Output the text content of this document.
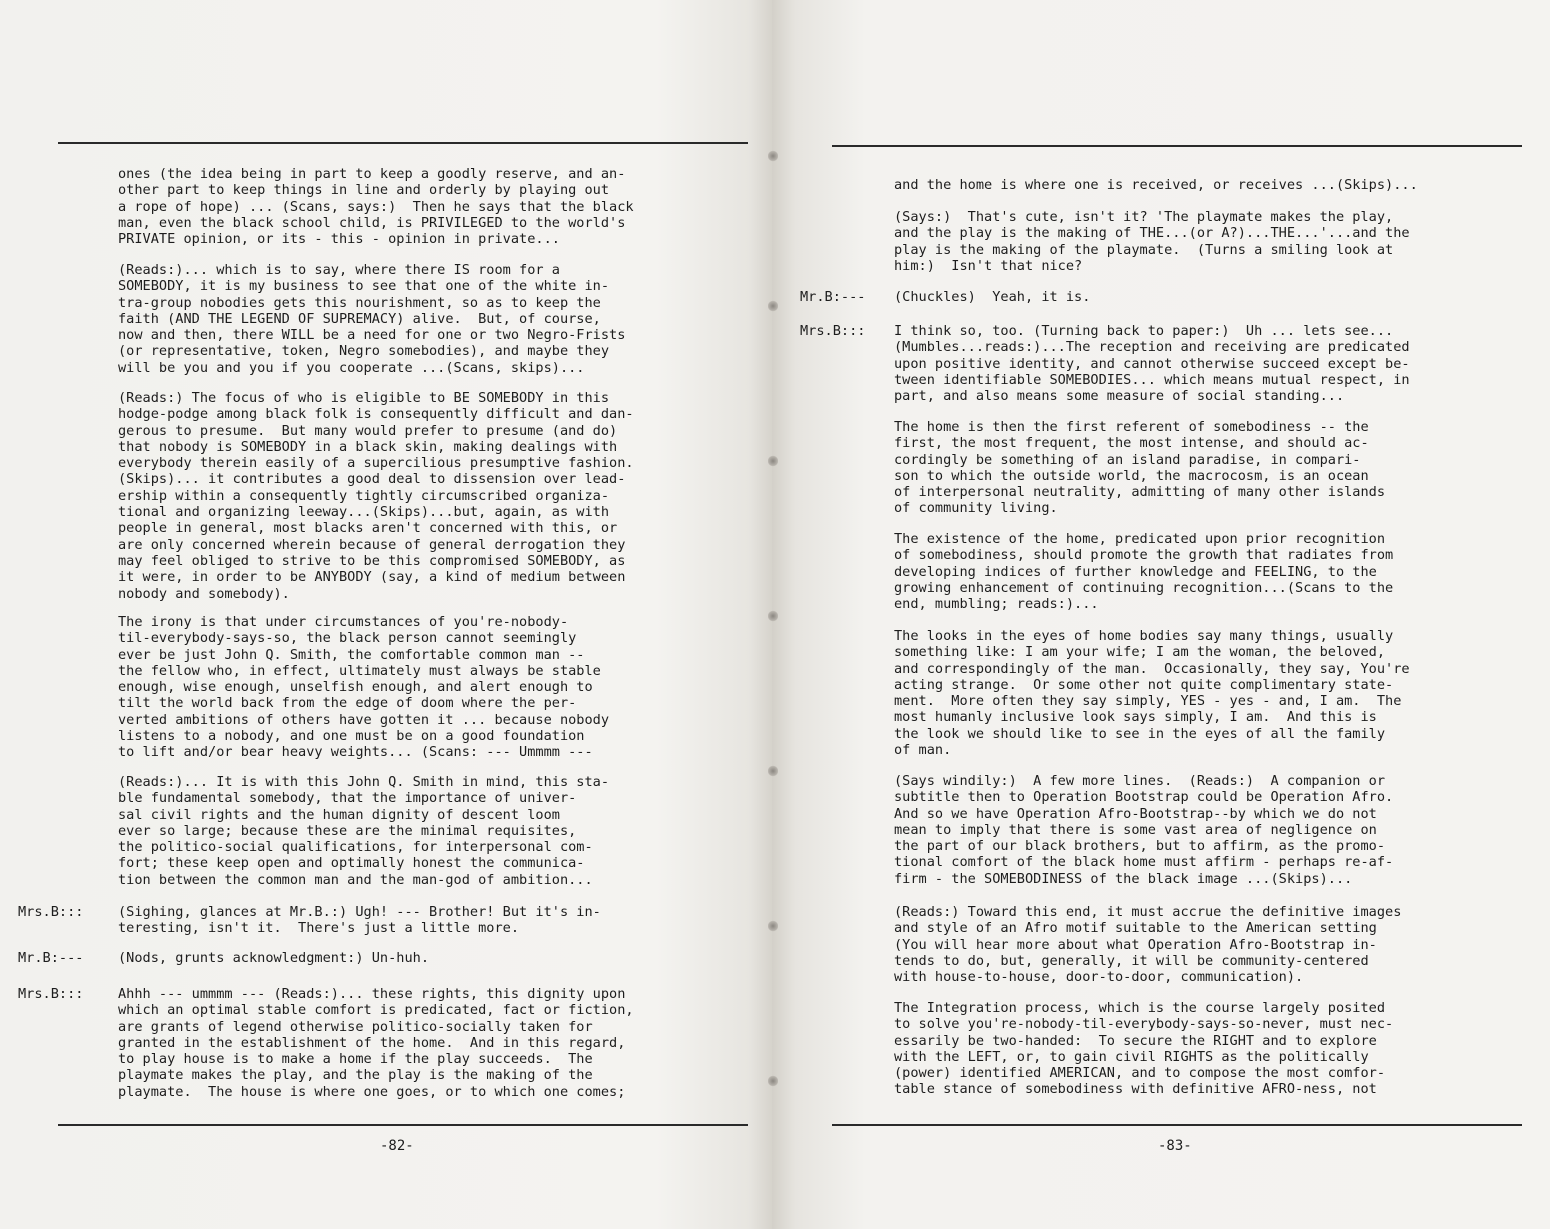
ones (the idea being in part to keep a goodly reserve, and an-
other part to keep things in line and orderly by playing out
a rope of hope) ... (Scans, says:)  Then he says that the black
man, even the black school child, is PRIVILEGED to the world's
PRIVATE opinion, or its - this - opinion in private...
(Reads:)... which is to say, where there IS room for a
SOMEBODY, it is my business to see that one of the white in-
tra-group nobodies gets this nourishment, so as to keep the
faith (AND THE LEGEND OF SUPREMACY) alive.  But, of course,
now and then, there WILL be a need for one or two Negro-Frists
(or representative, token, Negro somebodies), and maybe they
will be you and you if you cooperate ...(Scans, skips)...
(Reads:) The focus of who is eligible to BE SOMEBODY in this
hodge-podge among black folk is consequently difficult and dan-
gerous to presume.  But many would prefer to presume (and do)
that nobody is SOMEBODY in a black skin, making dealings with
everybody therein easily of a supercilious presumptive fashion.
(Skips)... it contributes a good deal to dissension over lead-
ership within a consequently tightly circumscribed organiza-
tional and organizing leeway...(Skips)...but, again, as with
people in general, most blacks aren't concerned with this, or
are only concerned wherein because of general derrogation they
may feel obliged to strive to be this compromised SOMEBODY, as
it were, in order to be ANYBODY (say, a kind of medium between
nobody and somebody).
The irony is that under circumstances of you're-nobody-
til-everybody-says-so, the black person cannot seemingly
ever be just John Q. Smith, the comfortable common man --
the fellow who, in effect, ultimately must always be stable
enough, wise enough, unselfish enough, and alert enough to
tilt the world back from the edge of doom where the per-
verted ambitions of others have gotten it ... because nobody
listens to a nobody, and one must be on a good foundation
to lift and/or bear heavy weights... (Scans: --- Ummmm ---
(Reads:)... It is with this John Q. Smith in mind, this sta-
ble fundamental somebody, that the importance of univer-
sal civil rights and the human dignity of descent loom
ever so large; because these are the minimal requisites,
the politico-social qualifications, for interpersonal com-
fort; these keep open and optimally honest the communica-
tion between the common man and the man-god of ambition...
Mrs.B:::	(Sighing, glances at Mr.B.:) Ugh! --- Brother! But it's in-
teresting, isn't it.  There's just a little more.
Mr.B:---	(Nods, grunts acknowledgment:) Un-huh.
Mrs.B:::	Ahhh --- ummmm --- (Reads:)... these rights, this dignity upon
which an optimal stable comfort is predicated, fact or fiction,
are grants of legend otherwise politico-socially taken for
granted in the establishment of the home.  And in this regard,
to play house is to make a home if the play succeeds.  The
playmate makes the play, and the play is the making of the
playmate.  The house is where one goes, or to which one comes;
-82-
and the home is where one is received, or receives ...(Skips)...
(Says:)  That's cute, isn't it? 'The playmate makes the play,
and the play is the making of THE...(or A?)...THE...'...and the
play is the making of the playmate.  (Turns a smiling look at
him:)  Isn't that nice?
Mr.B:--- (Chuckles)  Yeah, it is.
Mrs.B::: I think so, too. (Turning back to paper:)  Uh ... lets see...
(Mumbles...reads:)...The reception and receiving are predicated
upon positive identity, and cannot otherwise succeed except be-
tween identifiable SOMEBODIES... which means mutual respect, in
part, and also means some measure of social standing...
The home is then the first referent of somebodiness -- the
first, the most frequent, the most intense, and should ac-
cordingly be something of an island paradise, in compari-
son to which the outside world, the macrocosm, is an ocean
of interpersonal neutrality, admitting of many other islands
of community living.
The existence of the home, predicated upon prior recognition
of somebodiness, should promote the growth that radiates from
developing indices of further knowledge and FEELING, to the
growing enhancement of continuing recognition...(Scans to the
end, mumbling; reads:)...
The looks in the eyes of home bodies say many things, usually
something like: I am your wife; I am the woman, the beloved,
and correspondingly of the man.  Occasionally, they say, You're
acting strange.  Or some other not quite complimentary state-
ment.  More often they say simply, YES - yes - and, I am.  The
most humanly inclusive look says simply, I am.  And this is
the look we should like to see in the eyes of all the family
of man.
(Says windily:)  A few more lines.  (Reads:)  A companion or
subtitle then to Operation Bootstrap could be Operation Afro.
And so we have Operation Afro-Bootstrap--by which we do not
mean to imply that there is some vast area of negligence on
the part of our black brothers, but to affirm, as the promo-
tional comfort of the black home must affirm - perhaps re-af-
firm - the SOMEBODINESS of the black image ...(Skips)...
(Reads:) Toward this end, it must accrue the definitive images
and style of an Afro motif suitable to the American setting
(You will hear more about what Operation Afro-Bootstrap in-
tends to do, but, generally, it will be community-centered
with house-to-house, door-to-door, communication).
The Integration process, which is the course largely posited
to solve you're-nobody-til-everybody-says-so-never, must nec-
essarily be two-handed:  To secure the RIGHT and to explore
with the LEFT, or, to gain civil RIGHTS as the politically
(power) identified AMERICAN, and to compose the most comfor-
table stance of somebodiness with definitive AFRO-ness, not
-83-
